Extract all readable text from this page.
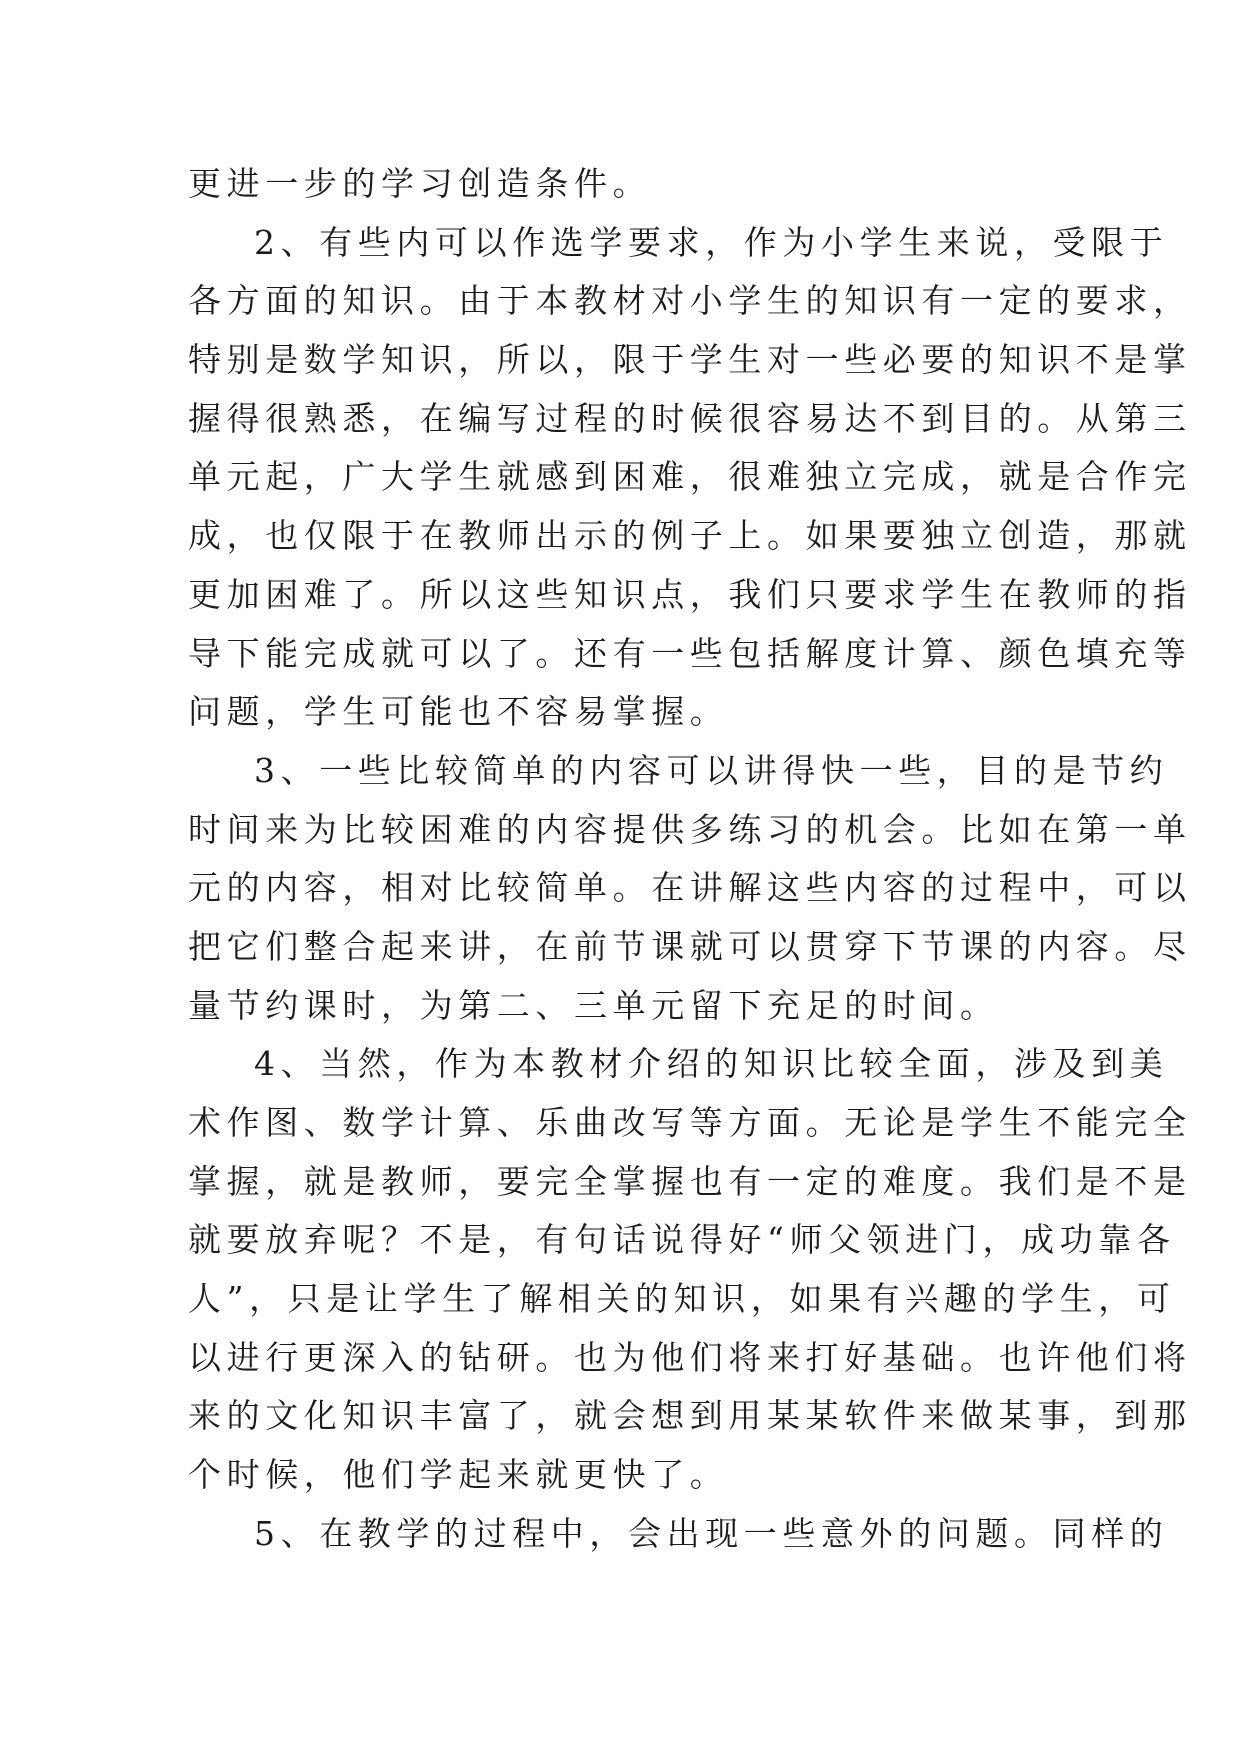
更进一步的学习创造条件。
2、有些内可以作选学要求，作为小学生来说，受限于
各方面的知识。由于本教材对小学生的知识有一定的要求，
特别是数学知识，所以，限于学生对一些必要的知识不是掌
握得很熟悉，在编写过程的时候很容易达不到目的。从第三
单元起，广大学生就感到困难，很难独立完成，就是合作完
成，也仅限于在教师出示的例子上。如果要独立创造，那就
更加困难了。所以这些知识点，我们只要求学生在教师的指
导下能完成就可以了。还有一些包括解度计算、颜色填充等
问题，学生可能也不容易掌握。
3、一些比较简单的内容可以讲得快一些，目的是节约
时间来为比较困难的内容提供多练习的机会。比如在第一单
元的内容，相对比较简单。在讲解这些内容的过程中，可以
把它们整合起来讲，在前节课就可以贯穿下节课的内容。尽
量节约课时，为第二、三单元留下充足的时间。
4、当然，作为本教材介绍的知识比较全面，涉及到美
术作图、数学计算、乐曲改写等方面。无论是学生不能完全
掌握，就是教师，要完全掌握也有一定的难度。我们是不是
就要放弃呢？不是，有句话说得好“师父领进门，成功靠各
人”，只是让学生了解相关的知识，如果有兴趣的学生，可
以进行更深入的钻研。也为他们将来打好基础。也许他们将
来的文化知识丰富了，就会想到用某某软件来做某事，到那
个时候，他们学起来就更快了。
5、在教学的过程中，会出现一些意外的问题。同样的
